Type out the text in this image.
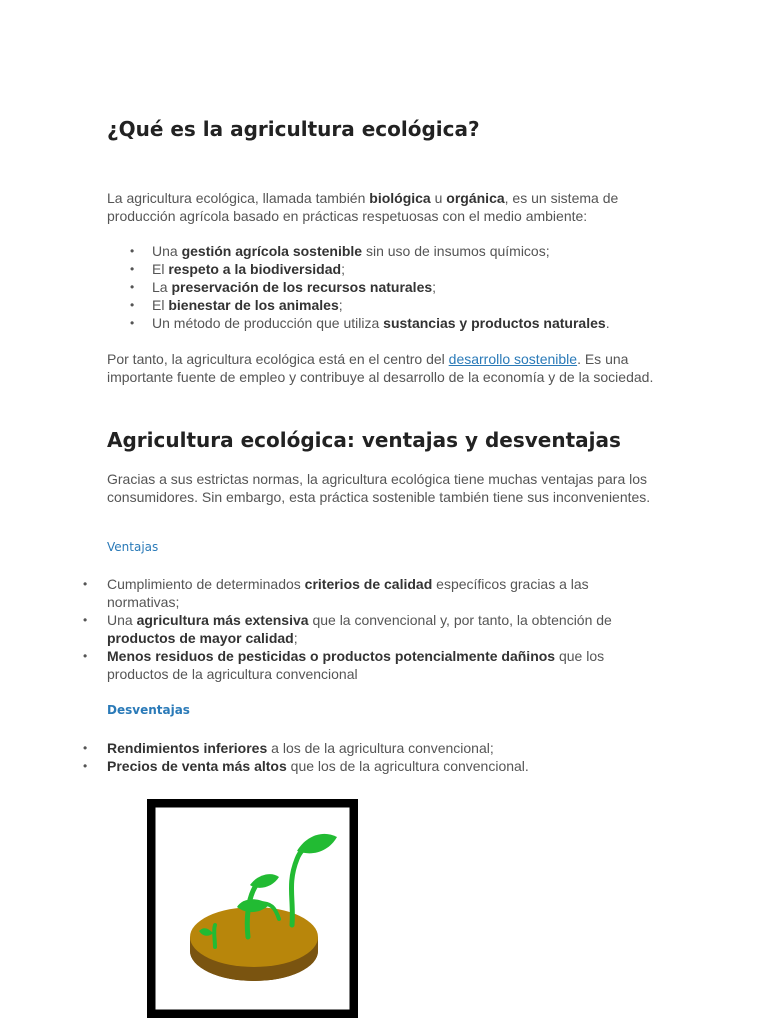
¿Qué es la agricultura ecológica?

La agricultura ecológica, llamada también biológica u orgánica, es un sistema de producción agrícola basado en prácticas respetuosas con el medio ambiente:

• Una gestión agrícola sostenible sin uso de insumos químicos;
• El respeto a la biodiversidad;
• La preservación de los recursos naturales;
• El bienestar de los animales;
• Un método de producción que utiliza sustancias y productos naturales.

Por tanto, la agricultura ecológica está en el centro del desarrollo sostenible. Es una importante fuente de empleo y contribuye al desarrollo de la economía y de la sociedad.

Agricultura ecológica: ventajas y desventajas

Gracias a sus estrictas normas, la agricultura ecológica tiene muchas ventajas para los consumidores. Sin embargo, esta práctica sostenible también tiene sus inconvenientes.

Ventajas

• Cumplimiento de determinados criterios de calidad específicos gracias a las normativas;
• Una agricultura más extensiva que la convencional y, por tanto, la obtención de productos de mayor calidad;
• Menos residuos de pesticidas o productos potencialmente dañinos que los productos de la agricultura convencional

Desventajas

• Rendimientos inferiores a los de la agricultura convencional;
• Precios de venta más altos que los de la agricultura convencional.
